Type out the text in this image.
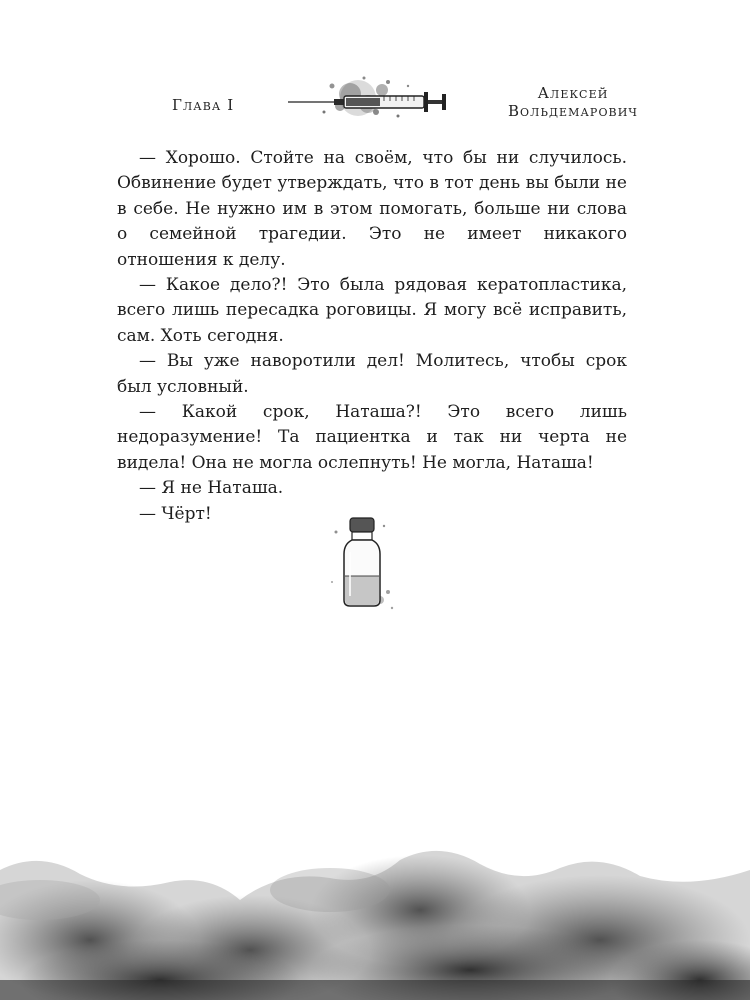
Глава I
Алексей
Вольдемарович

— Хорошо. Стойте на своём, что бы ни случилось. Обвинение будет утверждать, что в тот день вы были не в себе. Не нужно им в этом помогать, больше ни слова о семейной трагедии. Это не имеет никакого отношения к делу.

— Какое дело?! Это была рядовая кератопластика, всего лишь пересадка роговицы. Я могу всё исправить, сам. Хоть сегодня.

— Вы уже наворотили дел! Молитесь, чтобы срок был условный.

— Какой срок, Наташа?! Это всего лишь недоразумение! Та пациентка и так ни черта не видела! Она не могла ослепнуть! Не могла, Наташа!

— Я не Наташа.

— Чёрт!
